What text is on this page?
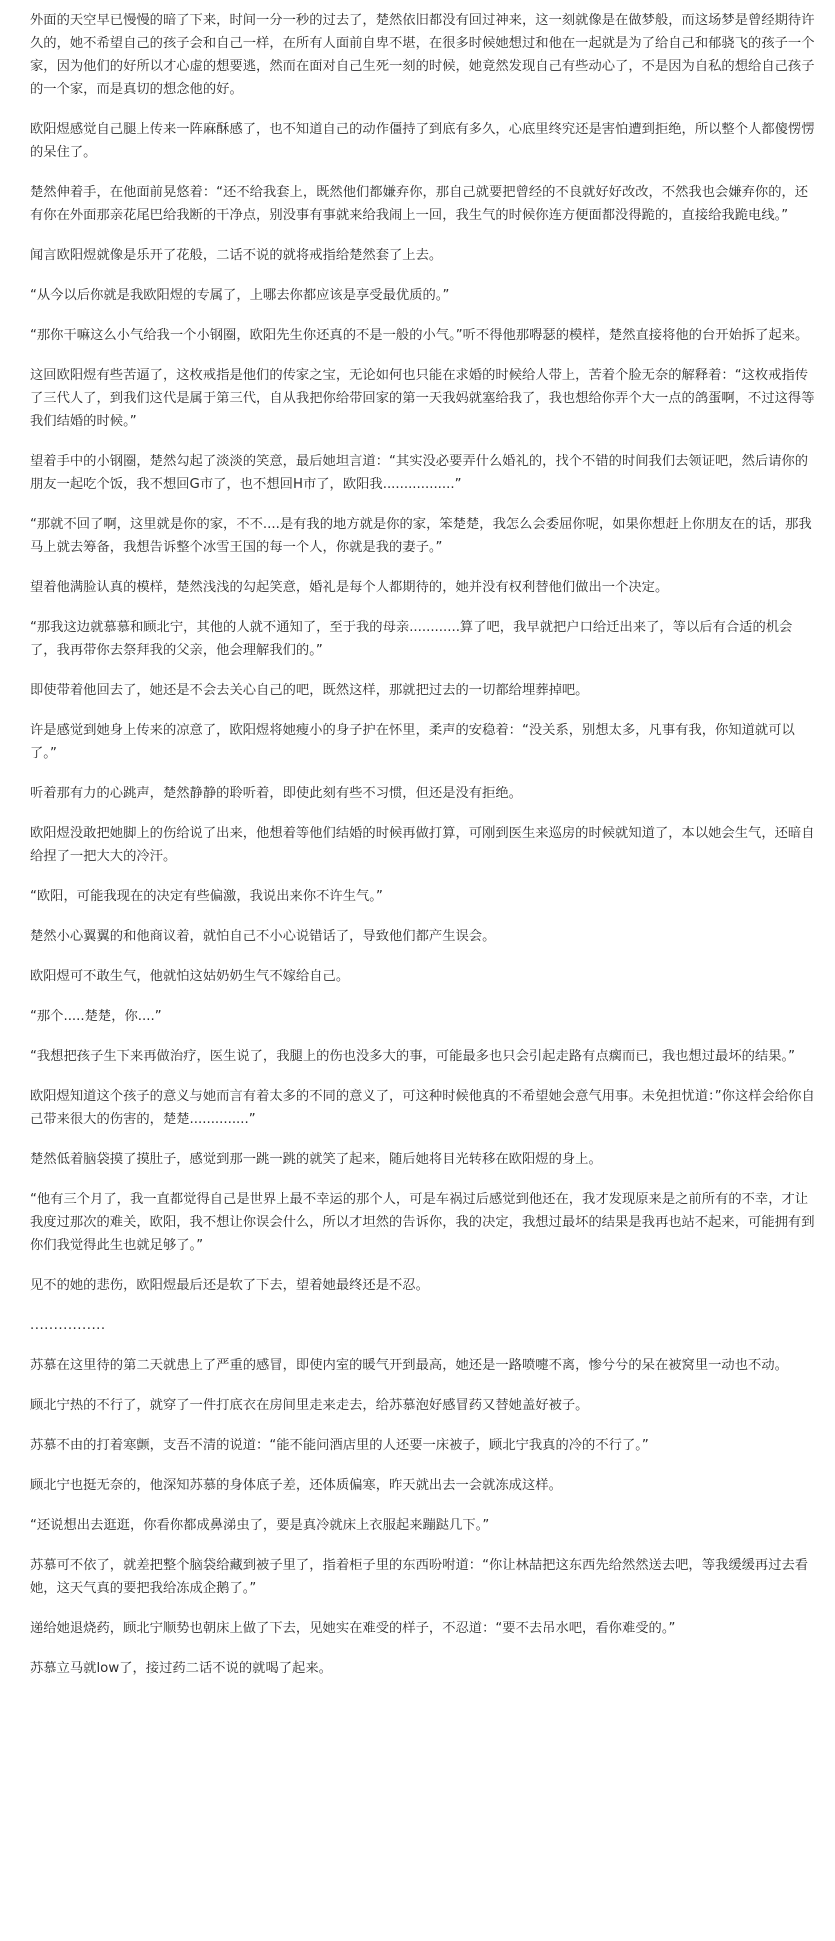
外面的天空早已慢慢的暗了下来，时间一分一秒的过去了，楚然依旧都没有回过神来，这一刻就像是在做梦般，而这场梦是曾经期待许久的，她不希望自己的孩子会和自己一样，在所有人面前自卑不堪，在很多时候她想过和他在一起就是为了给自己和郁骁飞的孩子一个家，因为他们的好所以才心虚的想要逃，然而在面对自己生死一刻的时候，她竟然发现自己有些动心了，不是因为自私的想给自己孩子的一个家，而是真切的想念他的好。

欧阳煜感觉自己腿上传来一阵麻酥感了，也不知道自己的动作僵持了到底有多久，心底里终究还是害怕遭到拒绝，所以整个人都傻愣愣的呆住了。

楚然伸着手，在他面前晃悠着：“还不给我套上，既然他们都嫌弃你，那自己就要把曾经的不良就好好改改，不然我也会嫌弃你的，还有你在外面那亲花尾巴给我断的干净点，别没事有事就来给我闹上一回，我生气的时候你连方便面都没得跪的，直接给我跪电线。”

闻言欧阳煜就像是乐开了花般，二话不说的就将戒指给楚然套了上去。

“从今以后你就是我欧阳煜的专属了，上哪去你都应该是享受最优质的。”

“那你干嘛这么小气给我一个小钢圈，欧阳先生你还真的不是一般的小气。”听不得他那嘚瑟的模样，楚然直接将他的台开始拆了起来。

这回欧阳煜有些苦逼了，这枚戒指是他们的传家之宝，无论如何也只能在求婚的时候给人带上，苦着个脸无奈的解释着：“这枚戒指传了三代人了，到我们这代是属于第三代，自从我把你给带回家的第一天我妈就塞给我了，我也想给你弄个大一点的鸽蛋啊，不过这得等我们结婚的时候。”

望着手中的小钢圈，楚然勾起了淡淡的笑意，最后她坦言道：“其实没必要弄什么婚礼的，找个不错的时间我们去领证吧，然后请你的朋友一起吃个饭，我不想回G市了，也不想回H市了，欧阳我.................”

“那就不回了啊，这里就是你的家，不不....是有我的地方就是你的家，笨楚楚，我怎么会委屈你呢，如果你想赶上你朋友在的话，那我马上就去筹备，我想告诉整个冰雪王国的每一个人，你就是我的妻子。”

望着他满脸认真的模样，楚然浅浅的勾起笑意，婚礼是每个人都期待的，她并没有权利替他们做出一个决定。

“那我这边就慕慕和顾北宁，其他的人就不通知了，至于我的母亲............算了吧，我早就把户口给迁出来了，等以后有合适的机会了，我再带你去祭拜我的父亲，他会理解我们的。”

即使带着他回去了，她还是不会去关心自己的吧，既然这样，那就把过去的一切都给埋葬掉吧。

许是感觉到她身上传来的凉意了，欧阳煜将她瘦小的身子护在怀里，柔声的安稳着：“没关系，别想太多，凡事有我，你知道就可以了。”

听着那有力的心跳声，楚然静静的聆听着，即使此刻有些不习惯，但还是没有拒绝。

欧阳煜没敢把她脚上的伤给说了出来，他想着等他们结婚的时候再做打算，可刚到医生来巡房的时候就知道了，本以她会生气，还暗自给捏了一把大大的冷汗。

“欧阳，可能我现在的决定有些偏激，我说出来你不许生气。”

楚然小心翼翼的和他商议着，就怕自己不小心说错话了，导致他们都产生误会。

欧阳煜可不敢生气，他就怕这姑奶奶生气不嫁给自己。

“那个.....楚楚，你....”

“我想把孩子生下来再做治疗，医生说了，我腿上的伤也没多大的事，可能最多也只会引起走路有点瘸而已，我也想过最坏的结果。”

欧阳煜知道这个孩子的意义与她而言有着太多的不同的意义了，可这种时候他真的不希望她会意气用事。未免担忧道：”你这样会给你自己带来很大的伤害的，楚楚..............”

楚然低着脑袋摸了摸肚子，感觉到那一跳一跳的就笑了起来，随后她将目光转移在欧阳煜的身上。

“他有三个月了，我一直都觉得自己是世界上最不幸运的那个人，可是车祸过后感觉到他还在，我才发现原来是之前所有的不幸，才让我度过那次的难关，欧阳，我不想让你误会什么，所以才坦然的告诉你，我的决定，我想过最坏的结果是我再也站不起来，可能拥有到你们我觉得此生也就足够了。”

见不的她的悲伤，欧阳煜最后还是软了下去，望着她最终还是不忍。

................

苏慕在这里待的第二天就患上了严重的感冒，即使内室的暖气开到最高，她还是一路喷嚏不离，惨兮兮的呆在被窝里一动也不动。

顾北宁热的不行了，就穿了一件打底衣在房间里走来走去，给苏慕泡好感冒药又替她盖好被子。

苏慕不由的打着寒颤，支吾不清的说道：“能不能问酒店里的人还要一床被子，顾北宁我真的冷的不行了。”

顾北宁也挺无奈的，他深知苏慕的身体底子差，还体质偏寒，昨天就出去一会就冻成这样。

“还说想出去逛逛，你看你都成鼻涕虫了，要是真冷就床上衣服起来蹦跶几下。”

苏慕可不依了，就差把整个脑袋给藏到被子里了，指着柜子里的东西吩咐道：“你让林喆把这东西先给然然送去吧，等我缓缓再过去看她，这天气真的要把我给冻成企鹅了。”

递给她退烧药，顾北宁顺势也朝床上做了下去，见她实在难受的样子，不忍道：“要不去吊水吧，看你难受的。”

苏慕立马就low了，接过药二话不说的就喝了起来。
